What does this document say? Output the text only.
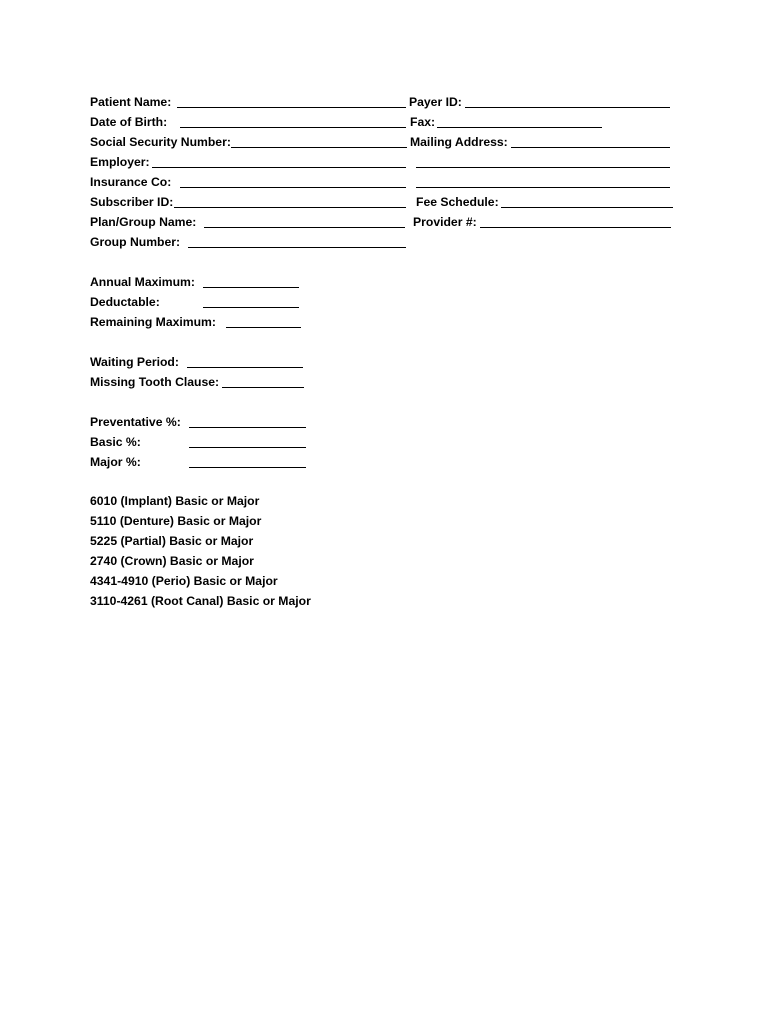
Patient Name:	Payer ID:
Date of Birth:	Fax:
Social Security Number:	Mailing Address:
Employer:
Insurance Co:
Subscriber ID:	Fee Schedule:
Plan/Group Name:	Provider #:
Group Number:
Annual Maximum:
Deductable:
Remaining Maximum:
Waiting Period:
Missing Tooth Clause:
Preventative %:
Basic %:
Major %:
6010 (Implant) Basic or Major
5110 (Denture) Basic or Major
5225 (Partial) Basic or Major
2740 (Crown) Basic or Major
4341-4910 (Perio) Basic or Major
3110-4261 (Root Canal) Basic or Major
